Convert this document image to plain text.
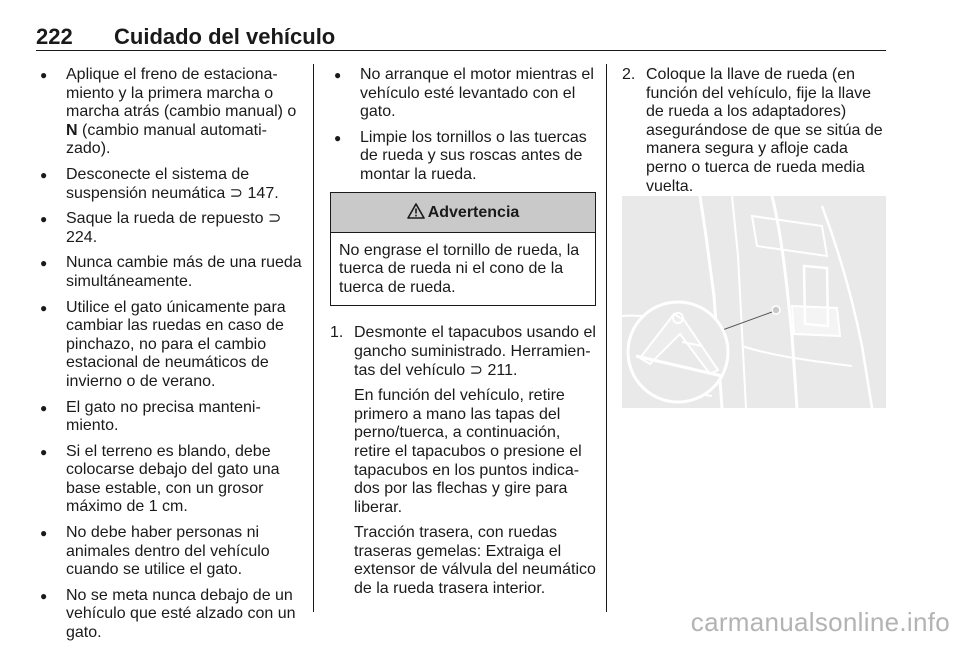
222 Cuidado del vehículo
● Aplique el freno de estacionamiento y la primera marcha o marcha atrás (cambio manual) o N (cambio manual automatizado).
● Desconecte el sistema de suspensión neumática ⊃ 147.
● Saque la rueda de repuesto ⊃ 224.
● Nunca cambie más de una rueda simultáneamente.
● Utilice el gato únicamente para cambiar las ruedas en caso de pinchazo, no para el cambio estacional de neumáticos de invierno o de verano.
● El gato no precisa mantenimiento.
● Si el terreno es blando, debe colocarse debajo del gato una base estable, con un grosor máximo de 1 cm.
● No debe haber personas ni animales dentro del vehículo cuando se utilice el gato.
● No se meta nunca debajo de un vehículo que esté alzado con un gato.
● No arranque el motor mientras el vehículo esté levantado con el gato.
● Limpie los tornillos o las tuercas de rueda y sus roscas antes de montar la rueda.
Advertencia
No engrase el tornillo de rueda, la tuerca de rueda ni el cono de la tuerca de rueda.
1. Desmonte el tapacubos usando el gancho suministrado. Herramientas del vehículo ⊃ 211.

En función del vehículo, retire primero a mano las tapas del perno/tuerca, a continuación, retire el tapacubos o presione el tapacubos en los puntos indicados por las flechas y gire para liberar.

Tracción trasera, con ruedas traseras gemelas: Extraiga el extensor de válvula del neumático de la rueda trasera interior.

2. Coloque la llave de rueda (en función del vehículo, fije la llave de rueda a los adaptadores) asegurándose de que se sitúa de manera segura y afloje cada perno o tuerca de rueda media vuelta.
carmanualsonline.info
